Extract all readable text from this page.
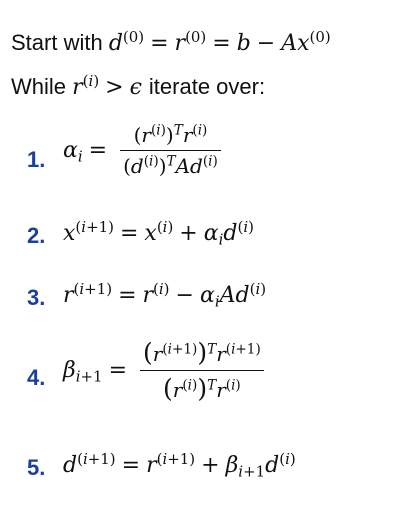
Start with $d^{(0)} = r^{(0)} = b - Ax^{(0)}$
While $r^{(i)} > \epsilon$ iterate over:
1. $\alpha_i = \frac{(r^{(i)})^Tr^{(i)}}{(d^{(i)})^TAd^{(i)}}$
2. $x^{(i+1)} = x^{(i)} + \alpha_id^{(i)}$
3. $r^{(i+1)} = r^{(i)} - \alpha_iAd^{(i)}$
4. $\beta_{i+1} = \frac{(r^{(i+1)})^Tr^{(i+1)}}{(r^{(i)})^Tr^{(i)}}$
5. $d^{(i+1)} = r^{(i+1)} + \beta_{i+1}d^{(i)}$
